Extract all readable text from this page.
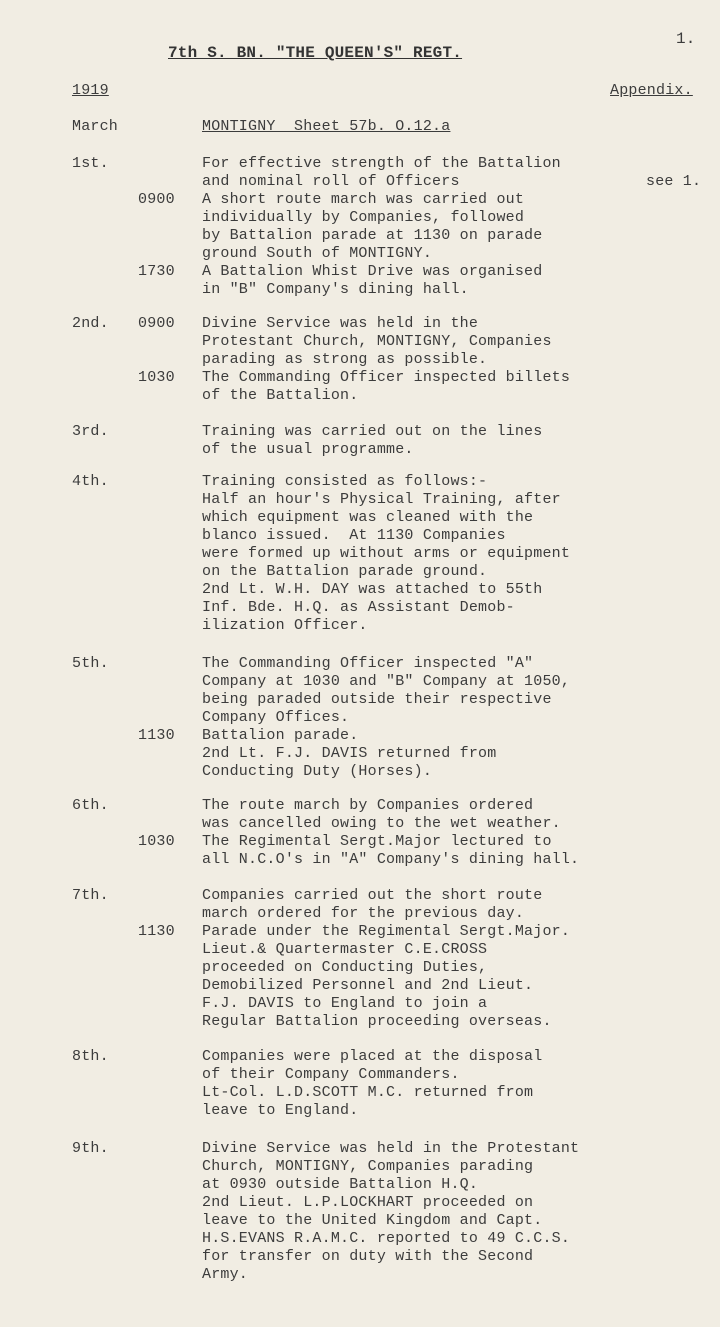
1.
7th S. BN. "THE QUEEN'S" REGT.
1919	Appendix.
March	MONTIGNY  Sheet 57b. O.12.a
1st.	For effective strength of the Battalion
and nominal roll of Officers	see 1.
0900 A short route march was carried out
individually by Companies, followed
by Battalion parade at 1130 on parade
ground South of MONTIGNY.
1730 A Battalion Whist Drive was organised
in "B" Company's dining hall.
2nd. 0900 Divine Service was held in the
Protestant Church, MONTIGNY, Companies
parading as strong as possible.
1030 The Commanding Officer inspected billets
of the Battalion.
3rd.	Training was carried out on the lines
of the usual programme.
4th.	Training consisted as follows:-
Half an hour's Physical Training, after
which equipment was cleaned with the
blanco issued.  At 1130 Companies
were formed up without arms or equipment
on the Battalion parade ground.
2nd Lt. W.H. DAY was attached to 55th
Inf. Bde. H.Q. as Assistant Demob-
ilization Officer.
5th.	The Commanding Officer inspected "A"
Company at 1030 and "B" Company at 1050,
being paraded outside their respective
Company Offices.
1130 Battalion parade.
2nd Lt. F.J. DAVIS returned from
Conducting Duty (Horses).
6th.	The route march by Companies ordered
was cancelled owing to the wet weather.
1030 The Regimental Sergt.Major lectured to
all N.C.O's in "A" Company's dining hall.
7th.	Companies carried out the short route
march ordered for the previous day.
1130 Parade under the Regimental Sergt.Major.
Lieut.& Quartermaster C.E.CROSS
proceeded on Conducting Duties,
Demobilized Personnel and 2nd Lieut.
F.J. DAVIS to England to join a
Regular Battalion proceeding overseas.
8th.	Companies were placed at the disposal
of their Company Commanders.
Lt-Col. L.D.SCOTT M.C. returned from
leave to England.
9th.	Divine Service was held in the Protestant
Church, MONTIGNY, Companies parading
at 0930 outside Battalion H.Q.
2nd Lieut. L.P.LOCKHART proceeded on
leave to the United Kingdom and Capt.
H.S.EVANS R.A.M.C. reported to 49 C.C.S.
for transfer on duty with the Second
Army.
